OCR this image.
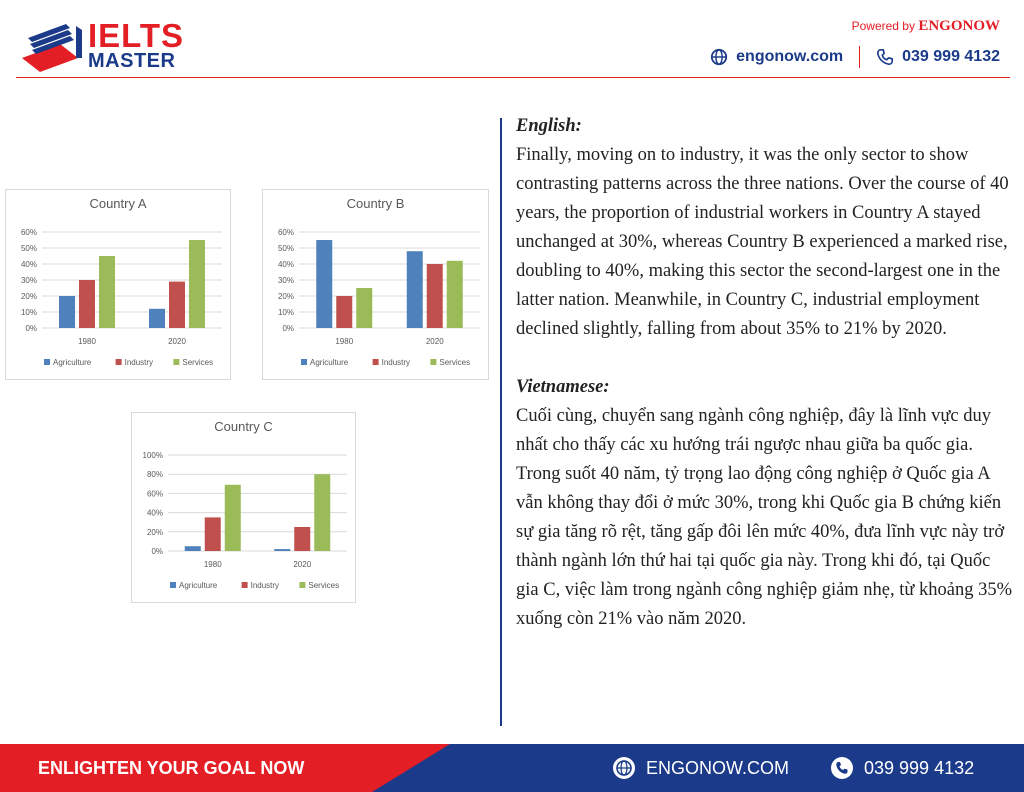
IELTS
MASTER
Powered by ENGONOW
engonow.com	039 999 4132
Country A
0%
10%
20%
30%
40%
50%
60%
1980	2020
Agriculture	Industry	Services
Country B
0%
10%
20%
30%
40%
50%
60%
1980	2020
Agriculture	Industry	Services
Country C
0%
20%
40%
60%
80%
100%
1980	2020
Agriculture	Industry	Services

English:

Finally, moving on to industry, it was the only sector to show contrasting patterns across the three nations. Over the course of 40 years, the proportion of industrial workers in Country A stayed unchanged at 30%, whereas Country B experienced a marked rise, doubling to 40%, making this sector the second-largest one in the latter nation. Meanwhile, in Country C, industrial employment declined slightly, falling from about 35% to 21% by 2020.

Vietnamese:

Cuối cùng, chuyển sang ngành công nghiệp, đây là lĩnh vực duy nhất cho thấy các xu hướng trái ngược nhau giữa ba quốc gia. Trong suốt 40 năm, tỷ trọng lao động công nghiệp ở Quốc gia A vẫn không thay đổi ở mức 30%, trong khi Quốc gia B chứng kiến sự gia tăng rõ rệt, tăng gấp đôi lên mức 40%, đưa lĩnh vực này trở thành ngành lớn thứ hai tại quốc gia này. Trong khi đó, tại Quốc gia C, việc làm trong ngành công nghiệp giảm nhẹ, từ khoảng 35% xuống còn 21% vào năm 2020.

ENLIGHTEN YOUR GOAL NOW	ENGONOW.COM	039 999 4132
